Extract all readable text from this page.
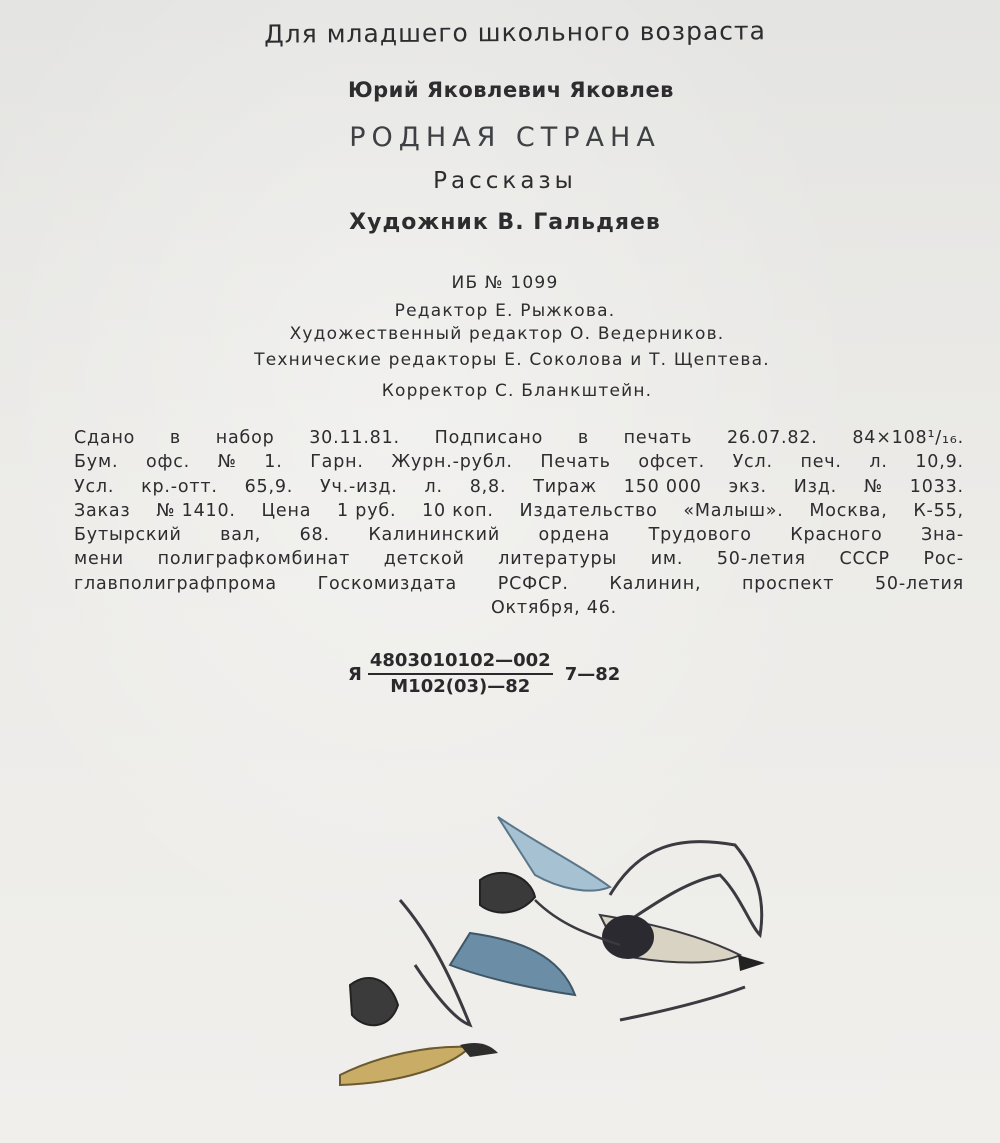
Для младшего школьного возраста

Юрий Яковлевич Яковлев

РОДНАЯ СТРАНА

Рассказы

Художник В. Гальдяев

ИБ № 1099

Редактор Е. Рыжкова.

Художественный редактор О. Ведерников.

Технические редакторы Е. Соколова и Т. Щептева.

Корректор С. Бланкштейн.

Сдано в набор 30.11.81. Подписано в печать 26.07.82. 84×108¹/₁₆.
Бум. офс. № 1. Гарн. Журн.-рубл. Печать офсет. Усл. печ. л. 10,9.
Усл. кр.-отт. 65,9. Уч.-изд. л. 8,8. Тираж 150 000 экз. Изд. № 1033.
Заказ № 1410. Цена 1 руб. 10 коп. Издательство «Малыш». Москва, К-55,
Бутырский вал, 68. Калининский ордена Трудового Красного Зна-
мени полиграфкомбинат детской литературы им. 50-летия СССР Рос-
главполиграфпрома Госкомиздата РСФСР. Калинин, проспект 50-летия
Октября, 46.
Я $\frac{4803010102—002}{М102(03)—82}$ 7—82
